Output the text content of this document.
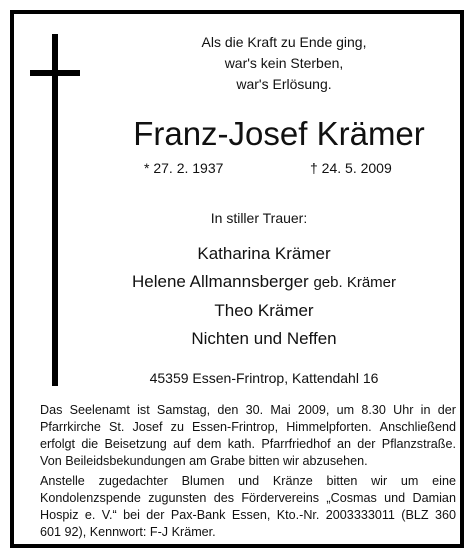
Als die Kraft zu Ende ging,
war's kein Sterben,
war's Erlösung.
Franz-Josef Krämer
* 27. 2. 1937	† 24. 5. 2009
In stiller Trauer:
Katharina Krämer
Helene Allmannsberger geb. Krämer
Theo Krämer
Nichten und Neffen
45359 Essen-Frintrop, Kattendahl 16
Das Seelenamt ist Samstag, den 30. Mai 2009, um 8.30 Uhr in der
Pfarrkirche St. Josef zu Essen-Frintrop, Himmelpforten. Anschließend
erfolgt die Beisetzung auf dem kath. Pfarrfriedhof an der Pflanzstraße.
Von Beileidsbekundungen am Grabe bitten wir abzusehen.
Anstelle zugedachter Blumen und Kränze bitten wir um eine
Kondolenzspende zugunsten des Fördervereins „Cosmas und Damian
Hospiz e. V.“ bei der Pax-Bank Essen, Kto.-Nr. 2003333011 (BLZ 360
601 92), Kennwort: F-J Krämer.
